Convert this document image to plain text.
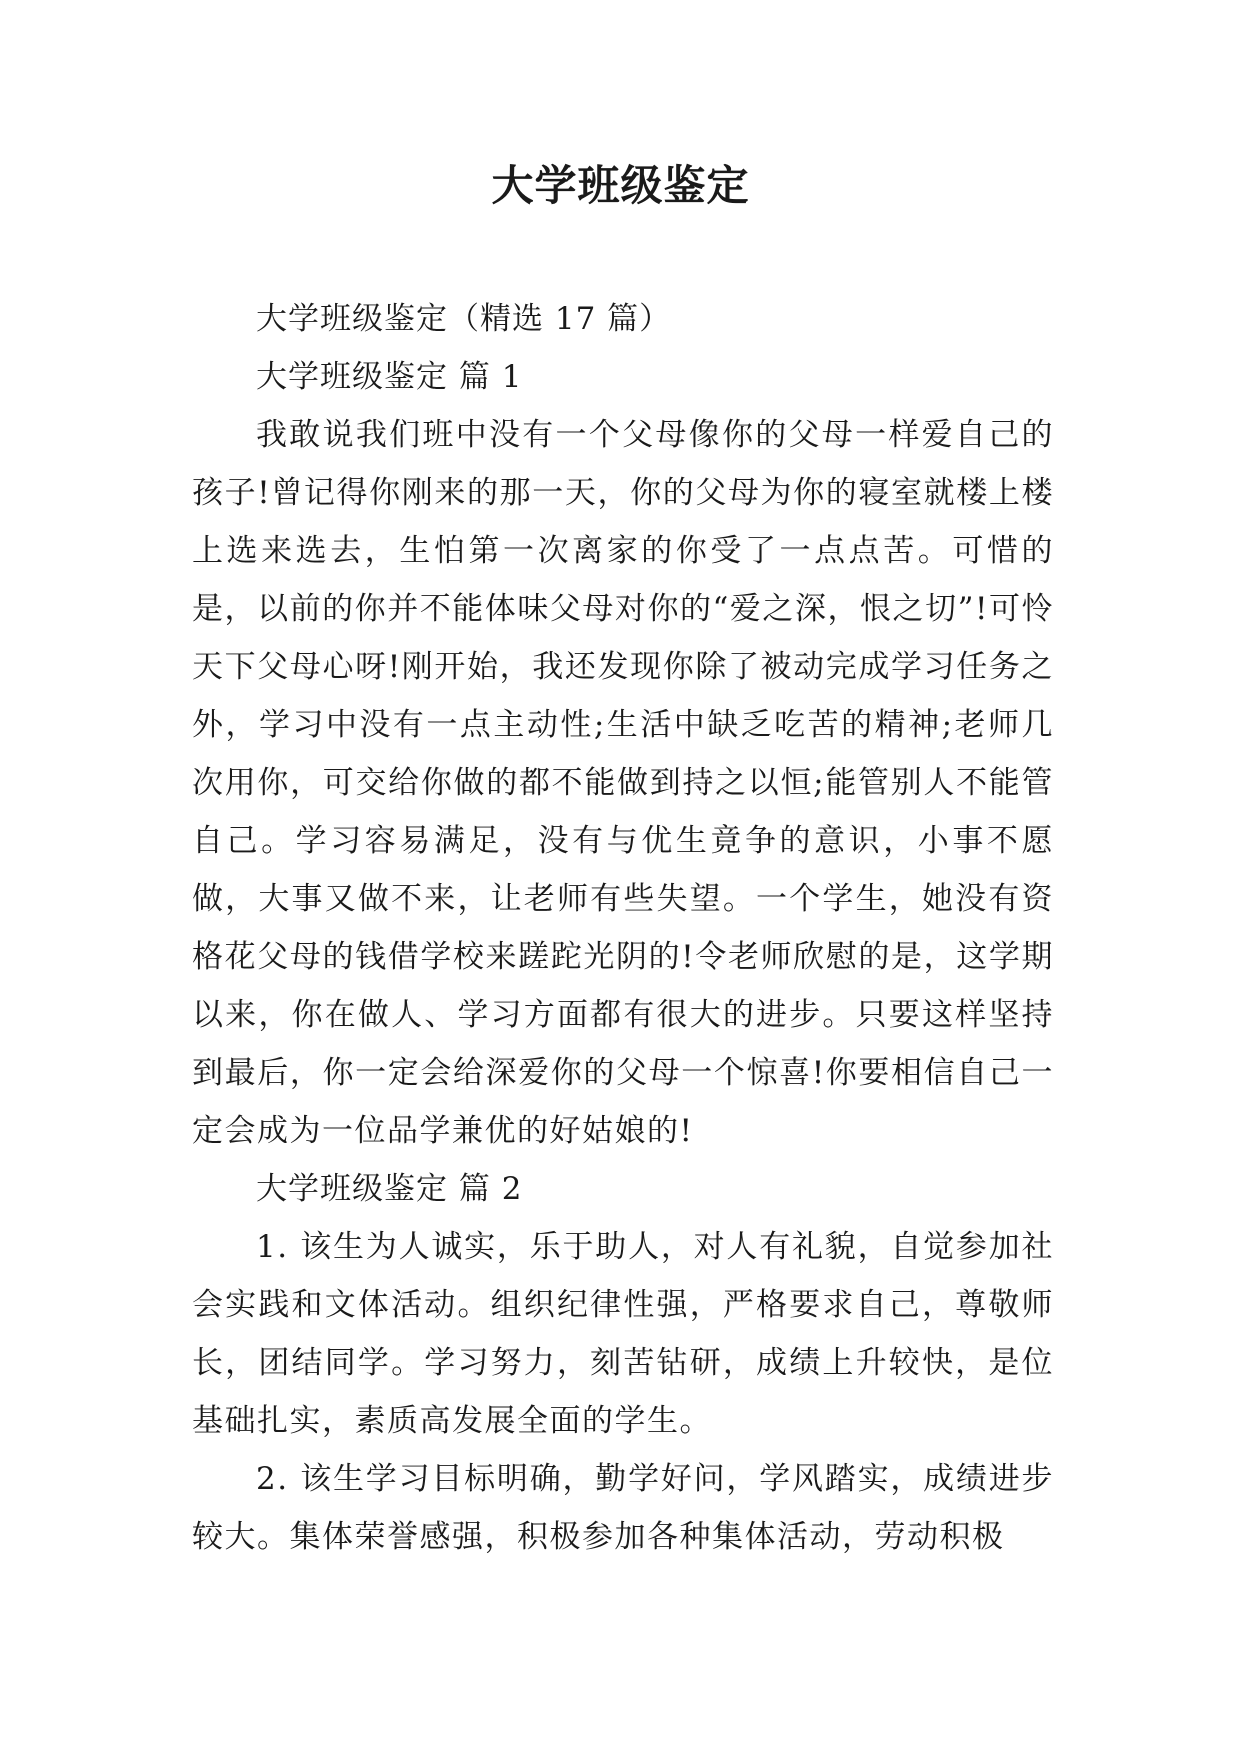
大学班级鉴定

大学班级鉴定（精选 17 篇）

大学班级鉴定 篇 1

我敢说我们班中没有一个父母像你的父母一样爱自己的孩子!曾记得你刚来的那一天，你的父母为你的寝室就楼上楼上选来选去，生怕第一次离家的你受了一点点苦。可惜的是，以前的你并不能体味父母对你的“爱之深，恨之切”!可怜天下父母心呀!刚开始，我还发现你除了被动完成学习任务之外，学习中没有一点主动性;生活中缺乏吃苦的精神;老师几次用你，可交给你做的都不能做到持之以恒;能管别人不能管自己。学习容易满足，没有与优生竟争的意识，小事不愿做，大事又做不来，让老师有些失望。一个学生，她没有资格花父母的钱借学校来蹉跎光阴的!令老师欣慰的是，这学期以来，你在做人、学习方面都有很大的进步。只要这样坚持到最后，你一定会给深爱你的父母一个惊喜!你要相信自己一定会成为一位品学兼优的好姑娘的!

大学班级鉴定 篇 2

1. 该生为人诚实，乐于助人，对人有礼貌，自觉参加社会实践和文体活动。组织纪律性强，严格要求自己，尊敬师长，团结同学。学习努力，刻苦钻研，成绩上升较快，是位基础扎实，素质高发展全面的学生。

2. 该生学习目标明确，勤学好问，学风踏实，成绩进步较大。集体荣誉感强，积极参加各种集体活动，劳动积极
